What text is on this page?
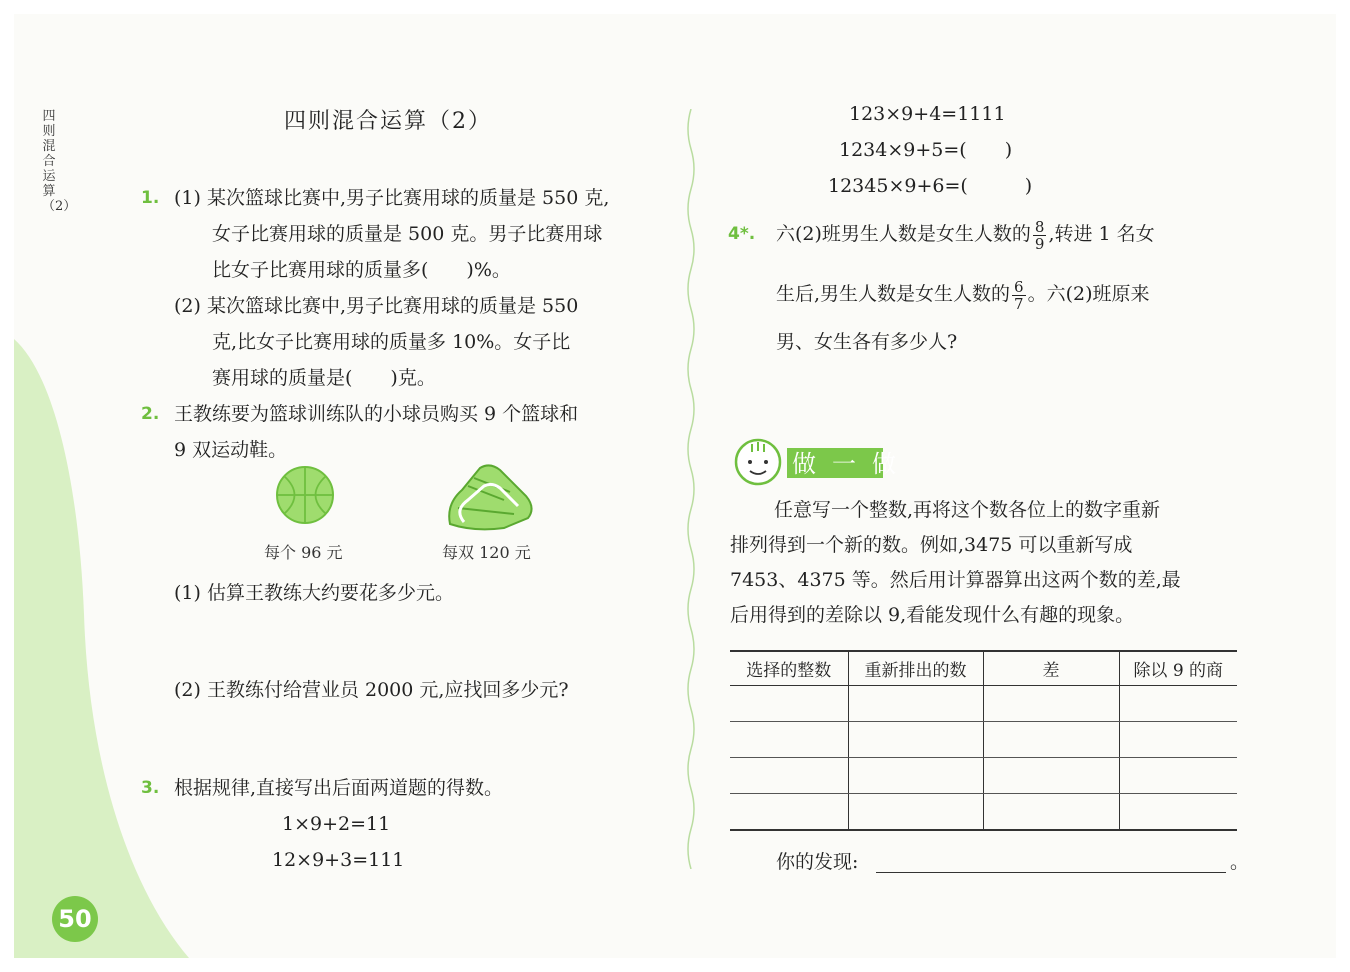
四则混合运算（2）
50
四则混合运算（2）
1. (1) 某次篮球比赛中,男子比赛用球的质量是 550 克,
女子比赛用球的质量是 500 克。男子比赛用球
比女子比赛用球的质量多(　　)%。
(2) 某次篮球比赛中,男子比赛用球的质量是 550
克,比女子比赛用球的质量多 10%。女子比
赛用球的质量是(　　)克。
2. 王教练要为篮球训练队的小球员购买 9 个篮球和
9 双运动鞋。
每个 96 元	每双 120 元
(1) 估算王教练大约要花多少元。
(2) 王教练付给营业员 2000 元,应找回多少元?
3. 根据规律,直接写出后面两道题的得数。
1×9+2=11
12×9+3=111
123×9+4=1111
1234×9+5=(　　)
12345×9+6=(　　　)
4*. 六(2)班男生人数是女生人数的 $\frac{8}{9}$ ,转进 1 名女
生后,男生人数是女生人数的 $\frac{6}{7}$ 。六(2)班原来
男、女生各有多少人?
做一做
任意写一个整数,再将这个数各位上的数字重新
排列得到一个新的数。例如,3475 可以重新写成
7453、4375 等。然后用计算器算出这两个数的差,最
后用得到的差除以 9,看能发现什么有趣的现象。
选择的整数	重新排出的数	差	除以 9 的商

你的发现:	。
